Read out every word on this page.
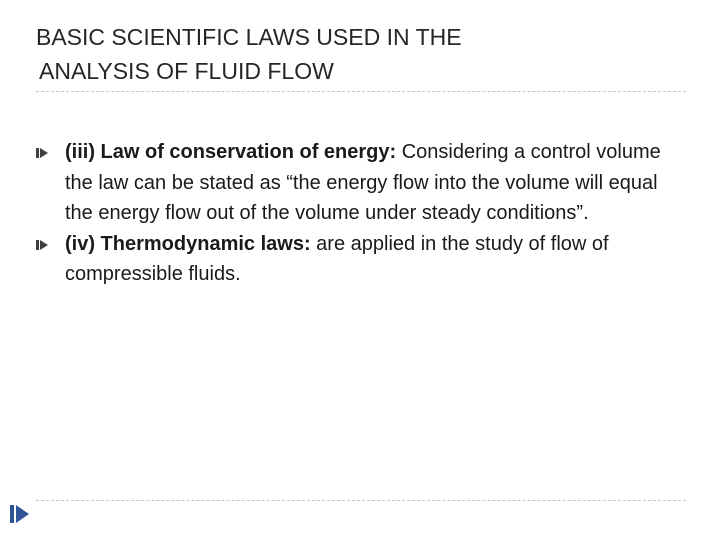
BASIC SCIENTIFIC LAWS USED IN THE
ANALYSIS OF FLUID FLOW
(iii) Law of conservation of energy: Considering a control volume the law can be stated as “the energy flow into the volume will equal the energy flow out of the volume under steady conditions”.
(iv) Thermodynamic laws: are applied in the study of flow of compressible fluids.
